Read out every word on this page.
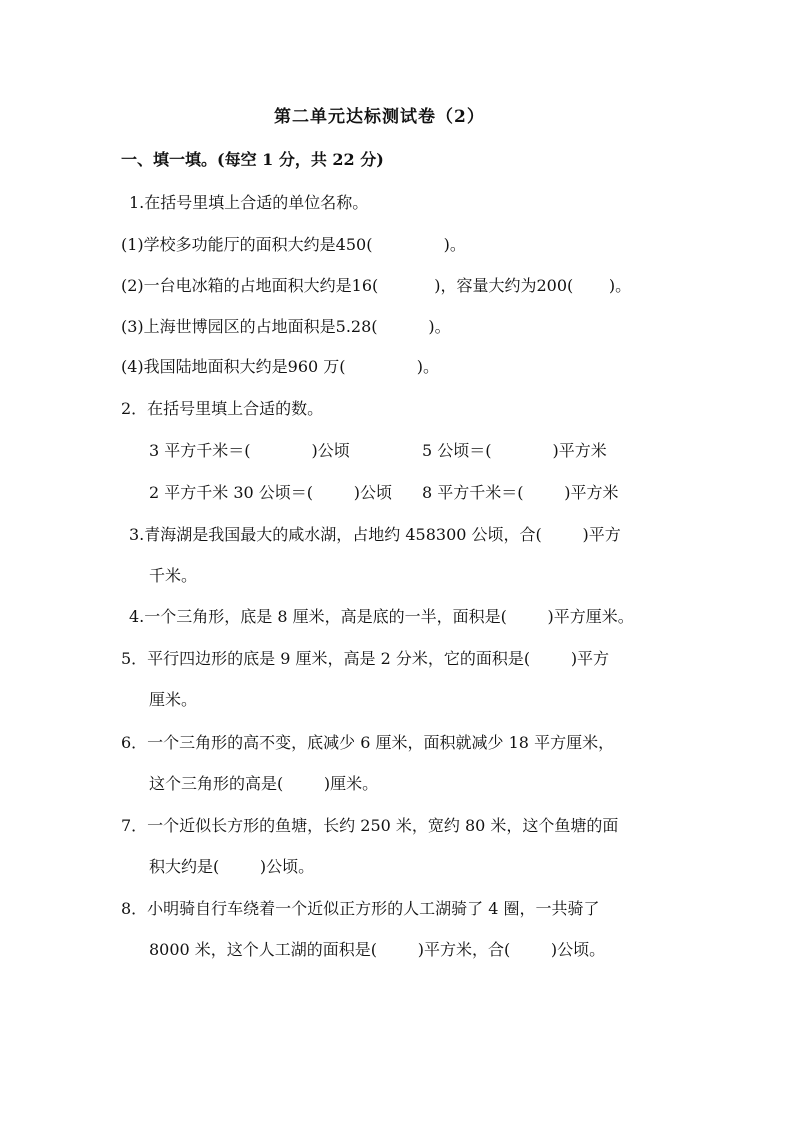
第二单元达标测试卷（2）
一、填一填。(每空 1 分，共 22 分)
1.在括号里填上合适的单位名称。
(1)学校多功能厅的面积大约是450(              )。
(2)一台电冰箱的占地面积大约是16(           )，容量大约为200(       )。
(3)上海世博园区的占地面积是5.28(          )。
(4)我国陆地面积大约是960 万(              )。
2．在括号里填上合适的数。
3 平方千米＝(            )公顷	5 公顷＝(            )平方米
2 平方千米 30 公顷＝(        )公顷 8 平方千米＝(        )平方米
3.青海湖是我国最大的咸水湖，占地约 458300 公顷，合(        )平方
千米。
4.一个三角形，底是 8 厘米，高是底的一半，面积是(        )平方厘米。
5．平行四边形的底是 9 厘米，高是 2 分米，它的面积是(        )平方
厘米。
6．一个三角形的高不变，底减少 6 厘米，面积就减少 18 平方厘米，
这个三角形的高是(        )厘米。
7．一个近似长方形的鱼塘，长约 250 米，宽约 80 米，这个鱼塘的面
积大约是(        )公顷。
8．小明骑自行车绕着一个近似正方形的人工湖骑了 4 圈，一共骑了
8000 米，这个人工湖的面积是(        )平方米，合(        )公顷。
